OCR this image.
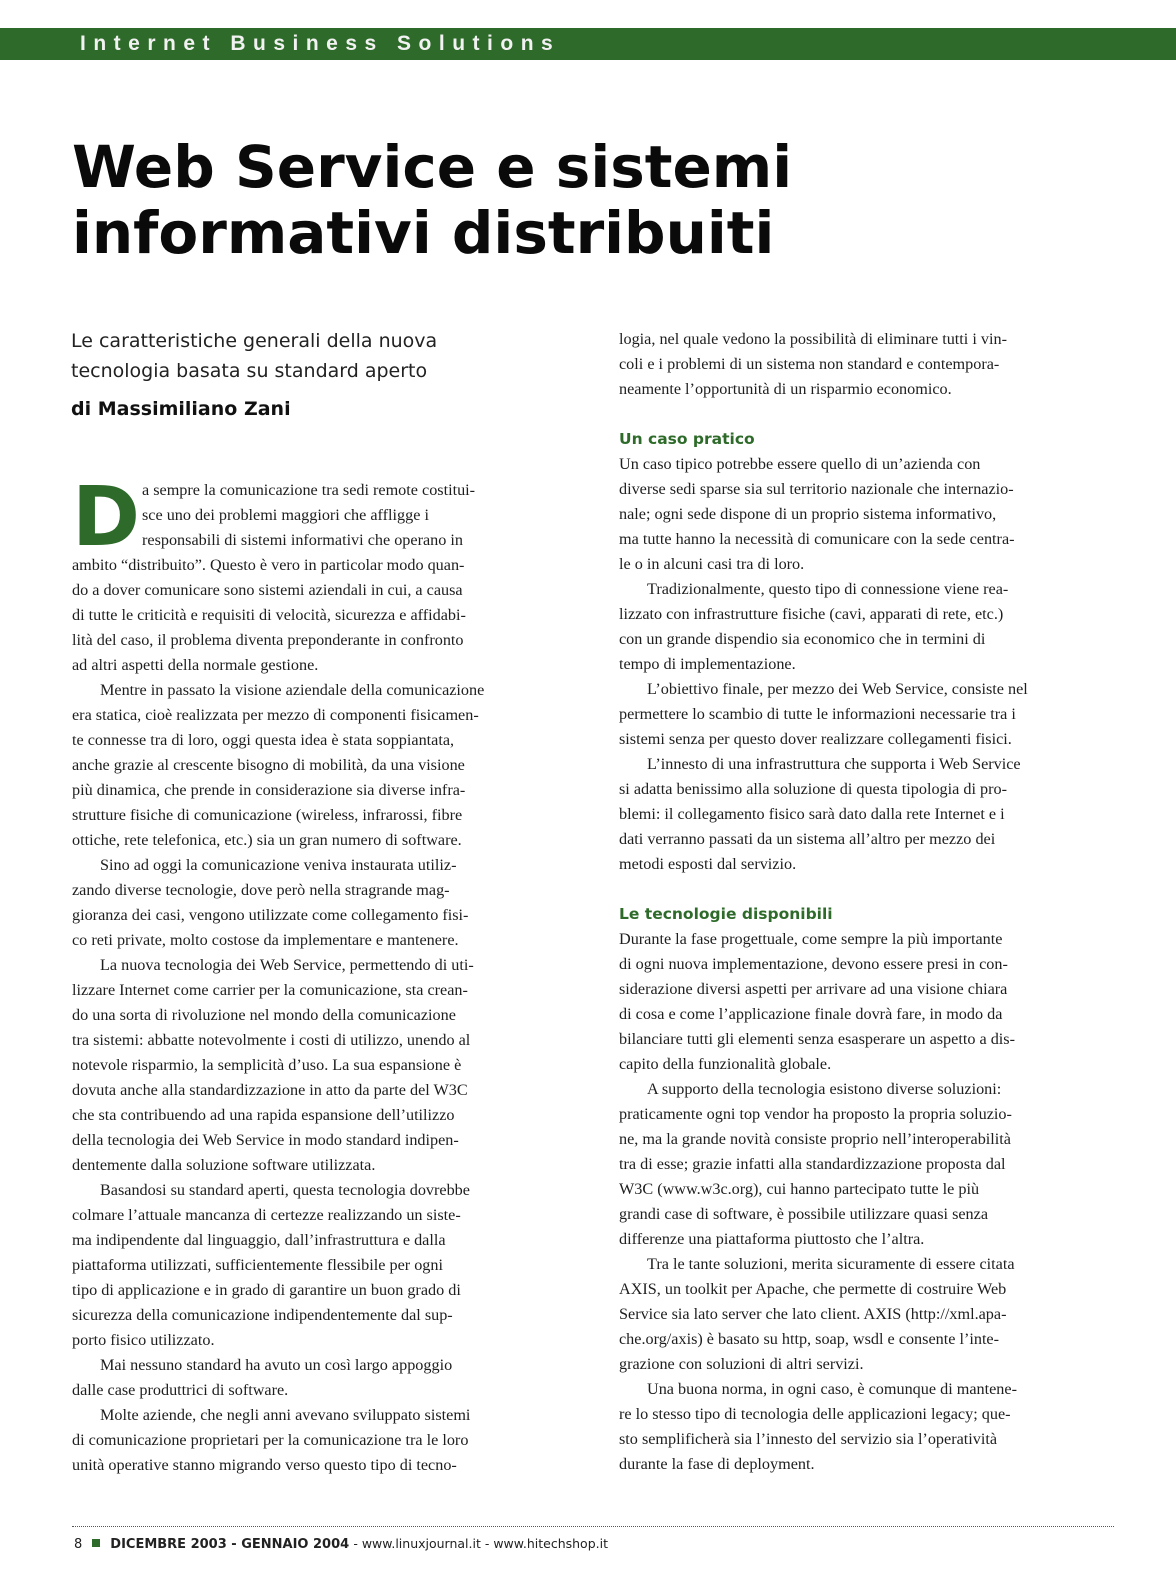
Internet Business Solutions
Web Service e sistemi
informativi distribuiti
Le caratteristiche generali della nuova
tecnologia basata su standard aperto
di Massimiliano Zani
D a sempre la comunicazione tra sedi remote costitui-
sce uno dei problemi maggiori che affligge i
responsabili di sistemi informativi che operano in
ambito “distribuito”. Questo è vero in particolar modo quan-
do a dover comunicare sono sistemi aziendali in cui, a causa
di tutte le criticità e requisiti di velocità, sicurezza e affidabi-
lità del caso, il problema diventa preponderante in confronto
ad altri aspetti della normale gestione.
Mentre in passato la visione aziendale della comunicazione
era statica, cioè realizzata per mezzo di componenti fisicamen-
te connesse tra di loro, oggi questa idea è stata soppiantata,
anche grazie al crescente bisogno di mobilità, da una visione
più dinamica, che prende in considerazione sia diverse infra-
strutture fisiche di comunicazione (wireless, infrarossi, fibre
ottiche, rete telefonica, etc.) sia un gran numero di software.
Sino ad oggi la comunicazione veniva instaurata utiliz-
zando diverse tecnologie, dove però nella stragrande mag-
gioranza dei casi, vengono utilizzate come collegamento fisi-
co reti private, molto costose da implementare e mantenere.
La nuova tecnologia dei Web Service, permettendo di uti-
lizzare Internet come carrier per la comunicazione, sta crean-
do una sorta di rivoluzione nel mondo della comunicazione
tra sistemi: abbatte notevolmente i costi di utilizzo, unendo al
notevole risparmio, la semplicità d’uso. La sua espansione è
dovuta anche alla standardizzazione in atto da parte del W3C
che sta contribuendo ad una rapida espansione dell’utilizzo
della tecnologia dei Web Service in modo standard indipen-
dentemente dalla soluzione software utilizzata.
Basandosi su standard aperti, questa tecnologia dovrebbe
colmare l’attuale mancanza di certezze realizzando un siste-
ma indipendente dal linguaggio, dall’infrastruttura e dalla
piattaforma utilizzati, sufficientemente flessibile per ogni
tipo di applicazione e in grado di garantire un buon grado di
sicurezza della comunicazione indipendentemente dal sup-
porto fisico utilizzato.
Mai nessuno standard ha avuto un così largo appoggio
dalle case produttrici di software.
Molte aziende, che negli anni avevano sviluppato sistemi
di comunicazione proprietari per la comunicazione tra le loro
unità operative stanno migrando verso questo tipo di tecno-
logia, nel quale vedono la possibilità di eliminare tutti i vin-
coli e i problemi di un sistema non standard e contempora-
neamente l’opportunità di un risparmio economico.
Un caso pratico
Un caso tipico potrebbe essere quello di un’azienda con
diverse sedi sparse sia sul territorio nazionale che internazio-
nale; ogni sede dispone di un proprio sistema informativo,
ma tutte hanno la necessità di comunicare con la sede centra-
le o in alcuni casi tra di loro.
Tradizionalmente, questo tipo di connessione viene rea-
lizzato con infrastrutture fisiche (cavi, apparati di rete, etc.)
con un grande dispendio sia economico che in termini di
tempo di implementazione.
L’obiettivo finale, per mezzo dei Web Service, consiste nel
permettere lo scambio di tutte le informazioni necessarie tra i
sistemi senza per questo dover realizzare collegamenti fisici.
L’innesto di una infrastruttura che supporta i Web Service
si adatta benissimo alla soluzione di questa tipologia di pro-
blemi: il collegamento fisico sarà dato dalla rete Internet e i
dati verranno passati da un sistema all’altro per mezzo dei
metodi esposti dal servizio.
Le tecnologie disponibili
Durante la fase progettuale, come sempre la più importante
di ogni nuova implementazione, devono essere presi in con-
siderazione diversi aspetti per arrivare ad una visione chiara
di cosa e come l’applicazione finale dovrà fare, in modo da
bilanciare tutti gli elementi senza esasperare un aspetto a dis-
capito della funzionalità globale.
A supporto della tecnologia esistono diverse soluzioni:
praticamente ogni top vendor ha proposto la propria soluzio-
ne, ma la grande novità consiste proprio nell’interoperabilità
tra di esse; grazie infatti alla standardizzazione proposta dal
W3C (www.w3c.org), cui hanno partecipato tutte le più
grandi case di software, è possibile utilizzare quasi senza
differenze una piattaforma piuttosto che l’altra.
Tra le tante soluzioni, merita sicuramente di essere citata
AXIS, un toolkit per Apache, che permette di costruire Web
Service sia lato server che lato client. AXIS (http://xml.apa-
che.org/axis) è basato su http, soap, wsdl e consente l’inte-
grazione con soluzioni di altri servizi.
Una buona norma, in ogni caso, è comunque di mantene-
re lo stesso tipo di tecnologia delle applicazioni legacy; que-
sto semplificherà sia l’innesto del servizio sia l’operatività
durante la fase di deployment.
8 DICEMBRE 2003 - GENNAIO 2004 - www.linuxjournal.it - www.hitechshop.it
